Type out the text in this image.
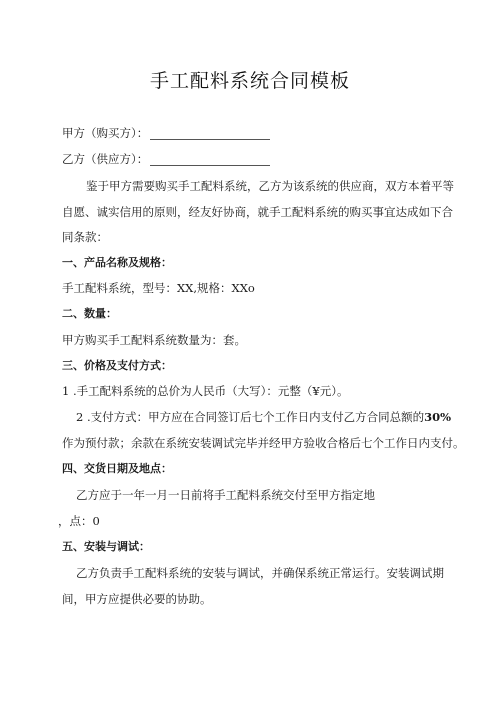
手工配料系统合同模板
甲方（购买方）：
乙方（供应方）：
鉴于甲方需要购买手工配料系统，乙方为该系统的供应商，双方本着平等
自愿、诚实信用的原则，经友好协商，就手工配料系统的购买事宜达成如下合
同条款：
一、产品名称及规格：
手工配料系统，型号：XX,规格：XXo
二、数量：
甲方购买手工配料系统数量为：套。
三、价格及支付方式：
1 .手工配料系统的总价为人民币（大写）：元整（¥元）。
2 .支付方式：甲方应在合同签订后七个工作日内支付乙方合同总额的30%
作为预付款；余款在系统安装调试完毕并经甲方验收合格后七个工作日内支付。
四、交货日期及地点：
乙方应于一年一月一日前将手工配料系统交付至甲方指定地
，点：0
五、安装与调试：
乙方负责手工配料系统的安装与调试，并确保系统正常运行。安装调试期
间，甲方应提供必要的协助。
